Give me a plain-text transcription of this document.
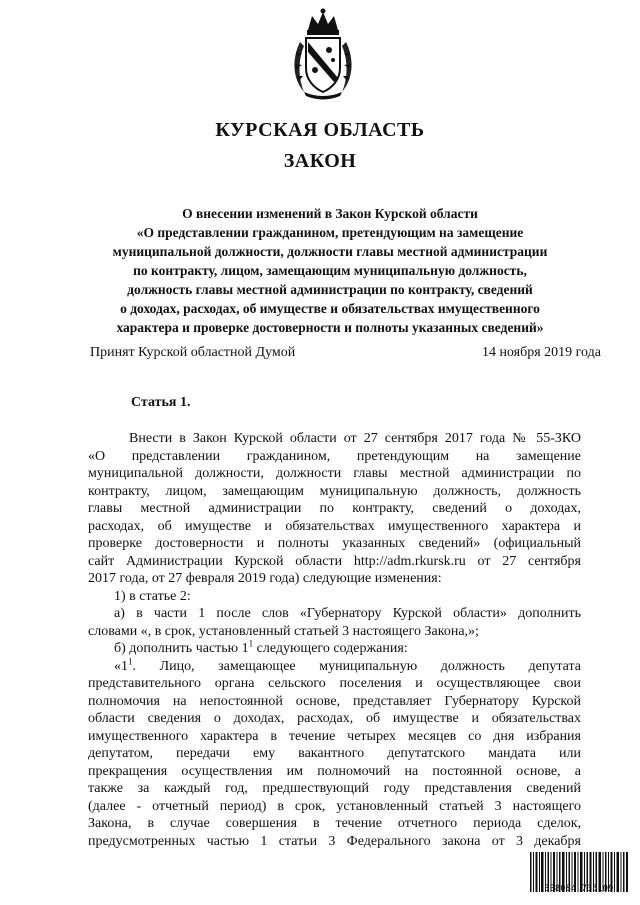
КУРСКАЯ ОБЛАСТЬ
ЗАКОН
О внесении изменений в Закон Курской области
«О представлении гражданином, претендующим на замещение
муниципальной должности, должности главы местной администрации
по контракту, лицом, замещающим муниципальную должность,
должность главы местной администрации по контракту, сведений
о доходах, расходах, об имуществе и обязательствах имущественного
характера и проверке достоверности и полноты указанных сведений»
Принят Курской областной Думой	14 ноября 2019 года
Статья 1.

Внести в Закон Курской области от 27 сентября 2017 года № 55-ЗКО

«О представлении гражданином, претендующим на замещение

муниципальной должности, должности главы местной администрации по

контракту, лицом, замещающим муниципальную должность, должность

главы местной администрации по контракту, сведений о доходах,

расходах, об имуществе и обязательствах имущественного характера и

проверке достоверности и полноты указанных сведений» (официальный

сайт Администрации Курской области http://adm.rkursk.ru от 27 сентября

2017 года, от 27 февраля 2019 года) следующие изменения:

1) в статье 2:

а) в части 1 после слов «Губернатору Курской области» дополнить

словами «, в срок, установленный статьей 3 настоящего Закона,»;

б) дополнить частью $1^1$ следующего содержания:

«$1^1$. Лицо, замещающее муниципальную должность депутата

представительного органа сельского поселения и осуществляющее свои

полномочия на непостоянной основе, представляет Губернатору Курской

области сведения о доходах, расходах, об имуществе и обязательствах

имущественного характера в течение четырех месяцев со дня избрания

депутатом, передачи ему вакантного депутатского мандата или

прекращения осуществления им полномочий на постоянной основе, а

также за каждый год, предшествующий году представления сведений

(далее - отчетный период) в срок, установленный статьей 3 настоящего

Закона, в случае совершения в течение отчетного периода сделок,

предусмотренных частью 1 статьи 3 Федерального закона от 3 декабря

308084 735109
